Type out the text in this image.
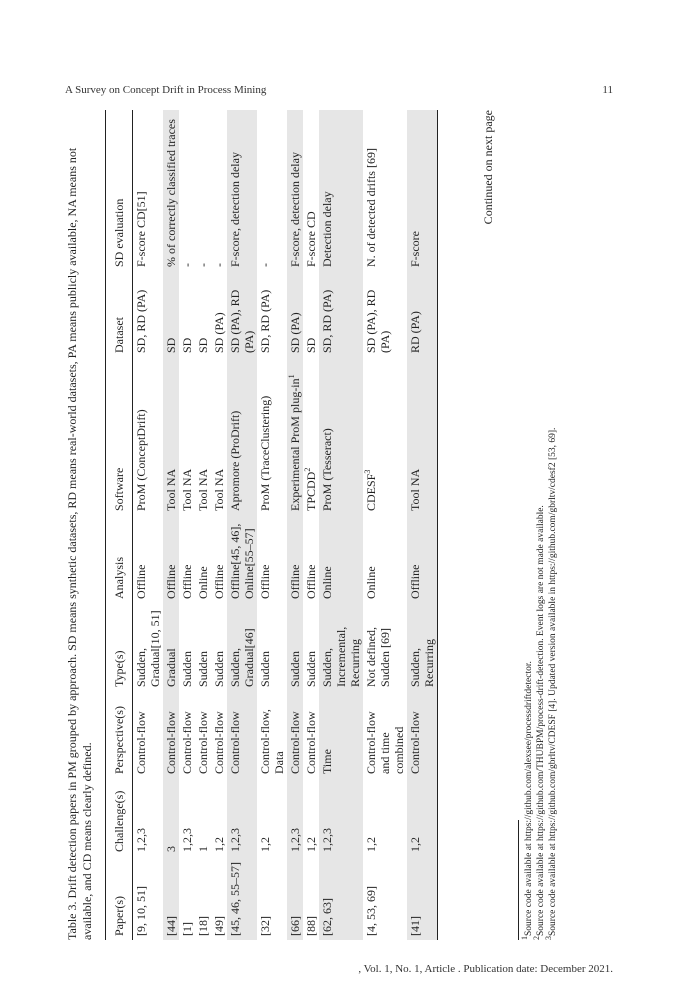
A Survey on Concept Drift in Process Mining	11
Table 3. Drift detection papers in PM grouped by approach. SD means synthetic datasets, RD means real-world datasets, PA means publicly available, NA means not available, and CD means clearly defined. Paper(s)	Challenge(s)	Perspective(s)	Type(s)	Analysis	Software	Dataset	SD evaluation
[9, 10, 51]	1,2,3	Control-flow	Sudden, Gradual[10, 51]	Offline	ProM (ConceptDrift)	SD, RD (PA)	F-score CD[51]
[44]	3	Control-flow	Gradual	Offline	Tool NA	SD	% of correctly classified traces
[1]	1,2,3	Control-flow	Sudden	Offline	Tool NA	SD	-
[18]	1	Control-flow	Sudden	Online	Tool NA	SD	-
[49]	1,2	Control-flow	Sudden	Offline	Tool NA	SD (PA)	-
[45, 46, 55–57]	1,2,3	Control-flow	Sudden, Gradual[46]	Offline[45, 46], Online[55–57]	Apromore (ProDrift)	SD (PA), RD (PA)	F-score, detection delay
[32]	1,2	Control-flow, Data	Sudden	Offline	ProM (TraceClustering)	SD, RD (PA)	-
[66]	1,2,3	Control-flow	Sudden	Offline	Experimental ProM plug-$in^1$	SD (PA)	F-score, detection delay
[88]	1,2	Control-flow	Sudden	Offline	TPCDD$^2$	SD	F-score CD
[62, 63]	1,2,3	Time	Sudden, Incremental, Recurring	Online	ProM (Tesseract)	SD, RD (PA)	Detection delay
[4, 53, 69]	1,2	Control-flow and time combined	Not defined, Sudden [69]	Online	CDESF$^3$	SD (PA), RD (PA)	N. of detected drifts [69]
[41]	1,2	Control-flow	Sudden, Recurring	Offline	Tool NA	RD (PA)	F-score
Continued on next page
$^1$Source code available at https://github.com/alexsee/processdriftdetector.
$^2$Source code available at https://github.com/THUBPM/process-drift-detection. Event logs are not made available.
$^3$Source code available at https://github.com/gbrltv/CDESF [4]. Updated version available in https://github.com/gbrltv/cdesf2 [53, 69].
, Vol. 1, No. 1, Article . Publication date: December 2021.
